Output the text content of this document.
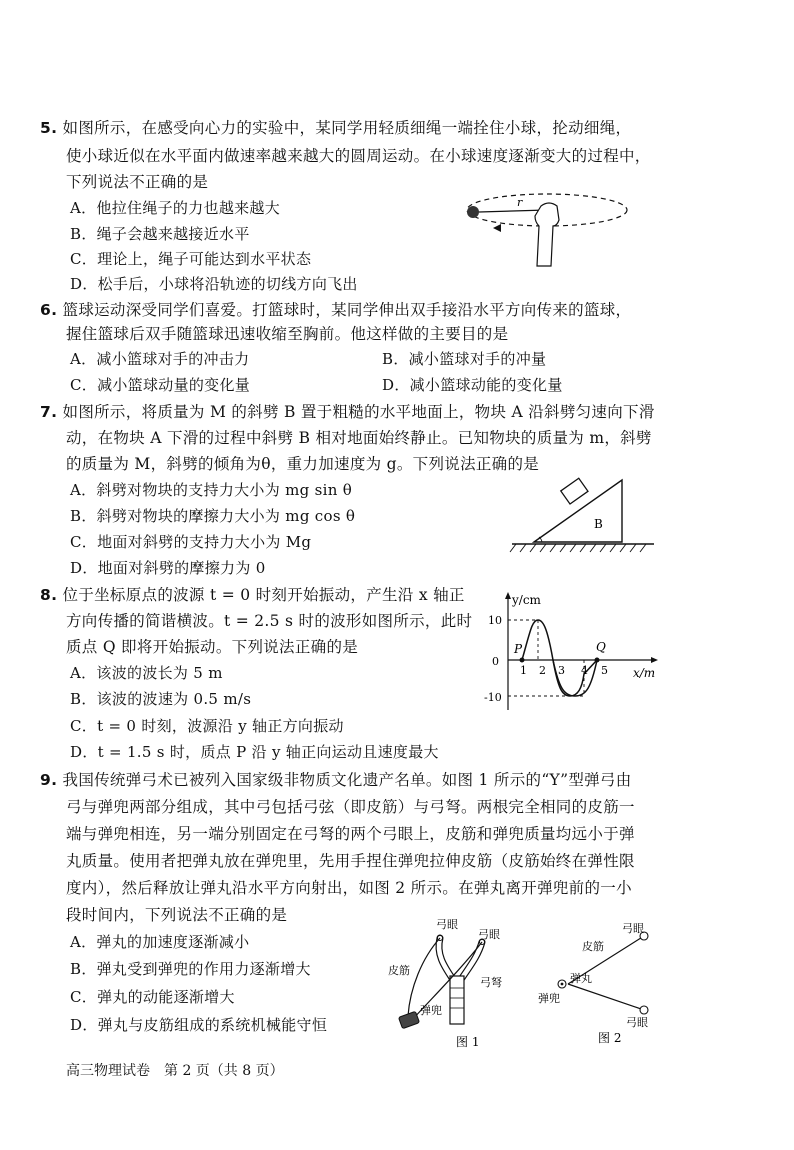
5. 如图所示，在感受向心力的实验中，某同学用轻质细绳一端拴住小球，抡动细绳，
使小球近似在水平面内做速率越来越大的圆周运动。在小球速度逐渐变大的过程中，
下列说法不正确的是
A．他拉住绳子的力也越来越大
B．绳子会越来越接近水平
C．理论上，绳子可能达到水平状态
D．松手后，小球将沿轨迹的切线方向飞出
r
6. 篮球运动深受同学们喜爱。打篮球时，某同学伸出双手接沿水平方向传来的篮球，
握住篮球后双手随篮球迅速收缩至胸前。他这样做的主要目的是
A．减小篮球对手的冲击力	B．减小篮球对手的冲量
C．减小篮球动量的变化量	D．减小篮球动能的变化量
7. 如图所示，将质量为 M 的斜劈 B 置于粗糙的水平地面上，物块 A 沿斜劈匀速向下滑
动，在物块 A 下滑的过程中斜劈 B 相对地面始终静止。已知物块的质量为 m，斜劈
的质量为 M，斜劈的倾角为θ，重力加速度为 g。下列说法正确的是
A．斜劈对物块的支持力大小为 mg sin θ
B．斜劈对物块的摩擦力大小为 mg cos θ
C．地面对斜劈的支持力大小为 Mg
D．地面对斜劈的摩擦力为 0
B
8. 位于坐标原点的波源 t = 0 时刻开始振动，产生沿 x 轴正
方向传播的简谐横波。t = 2.5 s 时的波形如图所示，此时
质点 Q 即将开始振动。下列说法正确的是
A．该波的波长为 5 m
B．该波的波速为 0.5 m/s
C．t = 0 时刻，波源沿 y 轴正方向振动
D．t = 1.5 s 时，质点 P 沿 y 轴正向运动且速度最大
y/cm
x/m
10
0
-10
1 2 3 4 5
P	Q
9. 我国传统弹弓术已被列入国家级非物质文化遗产名单。如图 1 所示的“Y”型弹弓由
弓与弹兜两部分组成，其中弓包括弓弦（即皮筋）与弓弩。两根完全相同的皮筋一
端与弹兜相连，另一端分别固定在弓弩的两个弓眼上，皮筋和弹兜质量均远小于弹
丸质量。使用者把弹丸放在弹兜里，先用手捏住弹兜拉伸皮筋（皮筋始终在弹性限
度内），然后释放让弹丸沿水平方向射出，如图 2 所示。在弹丸离开弹兜前的一小
段时间内，下列说法不正确的是
A．弹丸的加速度逐渐减小
B．弹丸受到弹兜的作用力逐渐增大
C．弹丸的动能逐渐增大
D．弹丸与皮筋组成的系统机械能守恒
弓眼
弓眼
皮筋
弓弩
弹兜
图 1
弓眼
皮筋
弹丸
弹兜
弓眼
图 2
高三物理试卷　第 2 页（共 8 页）
